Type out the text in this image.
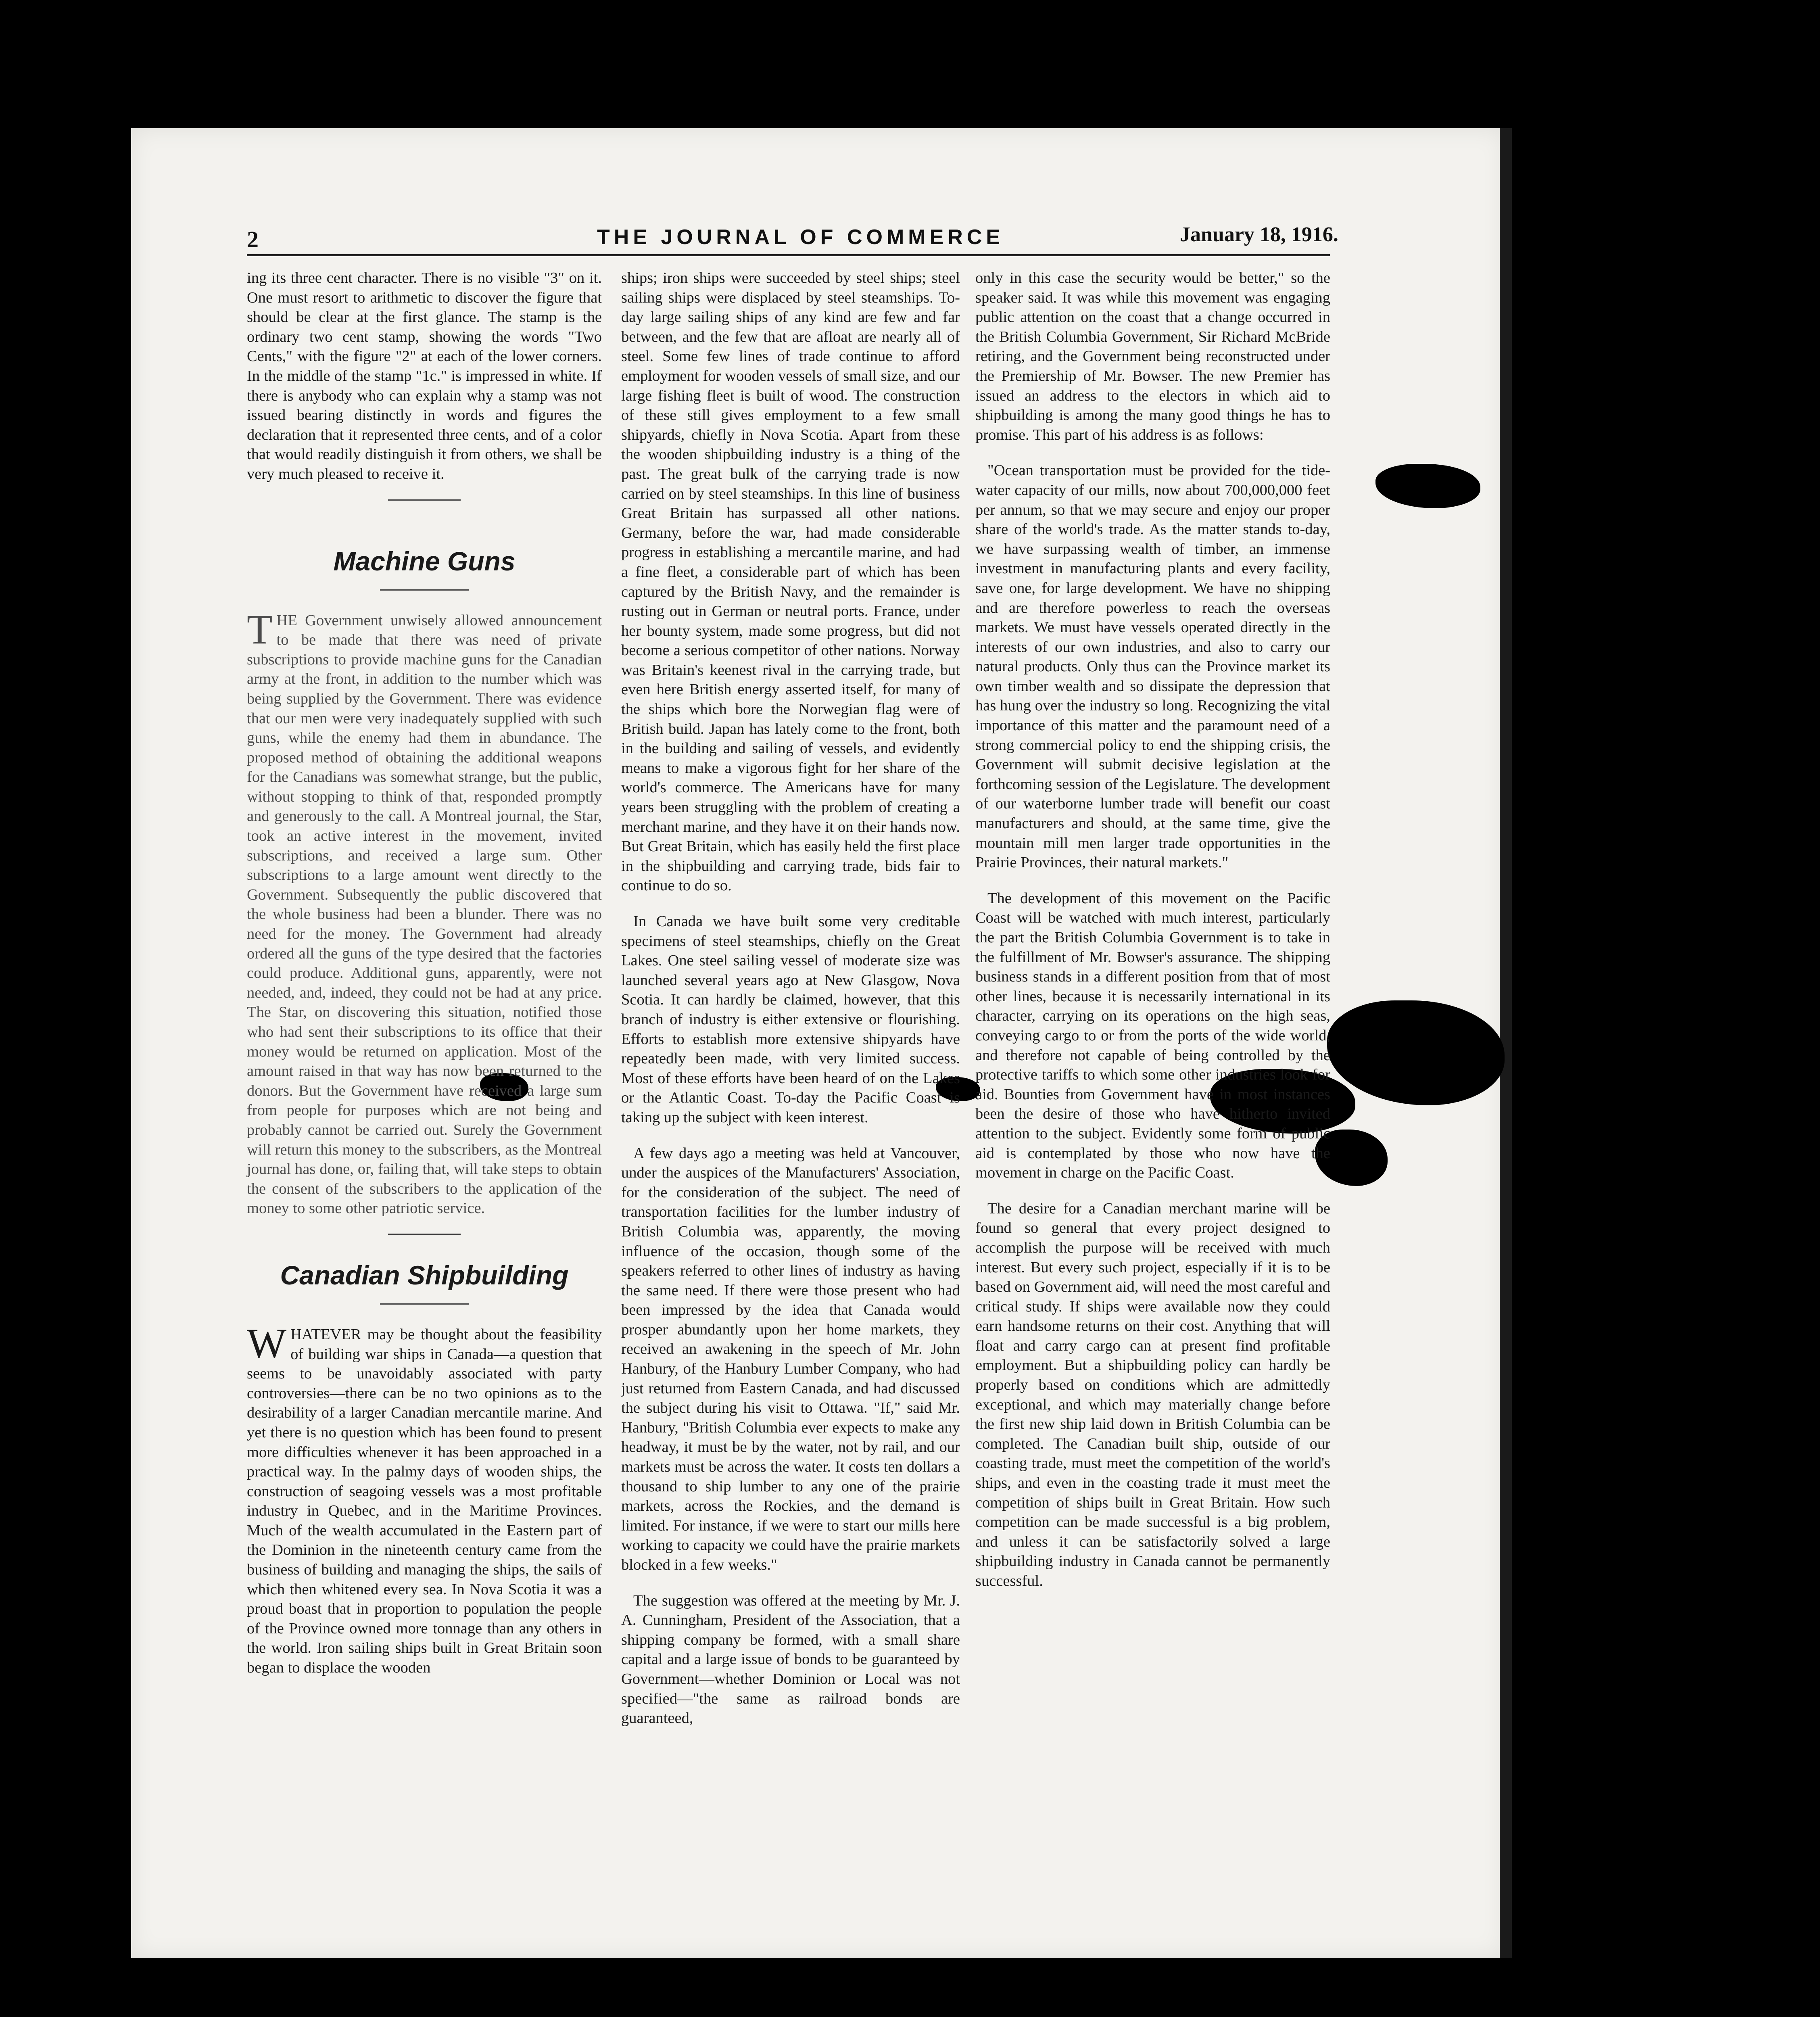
2	THE JOURNAL OF COMMERCE	January 18, 1916.

ing its three cent character. There is no visible "3" on it. One must resort to arithmetic to discover the figure that should be clear at the first glance. The stamp is the ordinary two cent stamp, showing the words "Two Cents," with the figure "2" at each of the lower corners. In the middle of the stamp "1c." is impressed in white. If there is anybody who can explain why a stamp was not issued bearing distinctly in words and figures the declaration that it represented three cents, and of a color that would readily distinguish it from others, we shall be very much pleased to receive it.

Machine Guns

THE Government unwisely allowed announcement to be made that there was need of private subscriptions to provide machine guns for the Canadian army at the front, in addition to the number which was being supplied by the Government. There was evidence that our men were very inadequately supplied with such guns, while the enemy had them in abundance. The proposed method of obtaining the additional weapons for the Canadians was somewhat strange, but the public, without stopping to think of that, responded promptly and generously to the call. A Montreal journal, the Star, took an active interest in the movement, invited subscriptions, and received a large sum. Other subscriptions to a large amount went directly to the Government. Subsequently the public discovered that the whole business had been a blunder. There was no need for the money. The Government had already ordered all the guns of the type desired that the factories could produce. Additional guns, apparently, were not needed, and, indeed, they could not be had at any price. The Star, on discovering this situation, notified those who had sent their subscriptions to its office that their money would be returned on application. Most of the amount raised in that way has now been returned to the donors. But the Government have received a large sum from people for purposes which are not being and probably cannot be carried out. Surely the Government will return this money to the subscribers, as the Montreal journal has done, or, failing that, will take steps to obtain the consent of the subscribers to the application of the money to some other patriotic service.

Canadian Shipbuilding

WHATEVER may be thought about the feasibility of building war ships in Canada—a question that seems to be unavoidably associated with party controversies—there can be no two opinions as to the desirability of a larger Canadian mercantile marine. And yet there is no question which has been found to present more difficulties whenever it has been approached in a practical way. In the palmy days of wooden ships, the construction of seagoing vessels was a most profitable industry in Quebec, and in the Maritime Provinces. Much of the wealth accumulated in the Eastern part of the Dominion in the nineteenth century came from the business of building and managing the ships, the sails of which then whitened every sea. In Nova Scotia it was a proud boast that in proportion to population the people of the Province owned more tonnage than any others in the world. Iron sailing ships built in Great Britain soon began to displace the wooden

ships; iron ships were succeeded by steel ships; steel sailing ships were displaced by steel steamships. To-day large sailing ships of any kind are few and far between, and the few that are afloat are nearly all of steel. Some few lines of trade continue to afford employment for wooden vessels of small size, and our large fishing fleet is built of wood. The construction of these still gives employment to a few small shipyards, chiefly in Nova Scotia. Apart from these the wooden shipbuilding industry is a thing of the past. The great bulk of the carrying trade is now carried on by steel steamships. In this line of business Great Britain has surpassed all other nations. Germany, before the war, had made considerable progress in establishing a mercantile marine, and had a fine fleet, a considerable part of which has been captured by the British Navy, and the remainder is rusting out in German or neutral ports. France, under her bounty system, made some progress, but did not become a serious competitor of other nations. Norway was Britain's keenest rival in the carrying trade, but even here British energy asserted itself, for many of the ships which bore the Norwegian flag were of British build. Japan has lately come to the front, both in the building and sailing of vessels, and evidently means to make a vigorous fight for her share of the world's commerce. The Americans have for many years been struggling with the problem of creating a merchant marine, and they have it on their hands now. But Great Britain, which has easily held the first place in the shipbuilding and carrying trade, bids fair to continue to do so.

In Canada we have built some very creditable specimens of steel steamships, chiefly on the Great Lakes. One steel sailing vessel of moderate size was launched several years ago at New Glasgow, Nova Scotia. It can hardly be claimed, however, that this branch of industry is either extensive or flourishing. Efforts to establish more extensive shipyards have repeatedly been made, with very limited success. Most of these efforts have been heard of on the Lakes or the Atlantic Coast. To-day the Pacific Coast is taking up the subject with keen interest.

A few days ago a meeting was held at Vancouver, under the auspices of the Manufacturers' Association, for the consideration of the subject. The need of transportation facilities for the lumber industry of British Columbia was, apparently, the moving influence of the occasion, though some of the speakers referred to other lines of industry as having the same need. If there were those present who had been impressed by the idea that Canada would prosper abundantly upon her home markets, they received an awakening in the speech of Mr. John Hanbury, of the Hanbury Lumber Company, who had just returned from Eastern Canada, and had discussed the subject during his visit to Ottawa. "If," said Mr. Hanbury, "British Columbia ever expects to make any headway, it must be by the water, not by rail, and our markets must be across the water. It costs ten dollars a thousand to ship lumber to any one of the prairie markets, across the Rockies, and the demand is limited. For instance, if we were to start our mills here working to capacity we could have the prairie markets blocked in a few weeks."

The suggestion was offered at the meeting by Mr. J. A. Cunningham, President of the Association, that a shipping company be formed, with a small share capital and a large issue of bonds to be guaranteed by Government—whether Dominion or Local was not specified—"the same as railroad bonds are guaranteed,

only in this case the security would be better," so the speaker said. It was while this movement was engaging public attention on the coast that a change occurred in the British Columbia Government, Sir Richard McBride retiring, and the Government being reconstructed under the Premiership of Mr. Bowser. The new Premier has issued an address to the electors in which aid to shipbuilding is among the many good things he has to promise. This part of his address is as follows:

"Ocean transportation must be provided for the tide-water capacity of our mills, now about 700,000,000 feet per annum, so that we may secure and enjoy our proper share of the world's trade. As the matter stands to-day, we have surpassing wealth of timber, an immense investment in manufacturing plants and every facility, save one, for large development. We have no shipping and are therefore powerless to reach the overseas markets. We must have vessels operated directly in the interests of our own industries, and also to carry our natural products. Only thus can the Province market its own timber wealth and so dissipate the depression that has hung over the industry so long. Recognizing the vital importance of this matter and the paramount need of a strong commercial policy to end the shipping crisis, the Government will submit decisive legislation at the forthcoming session of the Legislature. The development of our waterborne lumber trade will benefit our coast manufacturers and should, at the same time, give the mountain mill men larger trade opportunities in the Prairie Provinces, their natural markets."

The development of this movement on the Pacific Coast will be watched with much interest, particularly the part the British Columbia Government is to take in the fulfillment of Mr. Bowser's assurance. The shipping business stands in a different position from that of most other lines, because it is necessarily international in its character, carrying on its operations on the high seas, conveying cargo to or from the ports of the wide world, and therefore not capable of being controlled by the protective tariffs to which some other industries look for aid. Bounties from Government have in most instances been the desire of those who have hitherto invited attention to the subject. Evidently some form of public aid is contemplated by those who now have the movement in charge on the Pacific Coast.

The desire for a Canadian merchant marine will be found so general that every project designed to accomplish the purpose will be received with much interest. But every such project, especially if it is to be based on Government aid, will need the most careful and critical study. If ships were available now they could earn handsome returns on their cost. Anything that will float and carry cargo can at present find profitable employment. But a shipbuilding policy can hardly be properly based on conditions which are admittedly exceptional, and which may materially change before the first new ship laid down in British Columbia can be completed. The Canadian built ship, outside of our coasting trade, must meet the competition of the world's ships, and even in the coasting trade it must meet the competition of ships built in Great Britain. How such competition can be made successful is a big problem, and unless it can be satisfactorily solved a large shipbuilding industry in Canada cannot be permanently successful.
